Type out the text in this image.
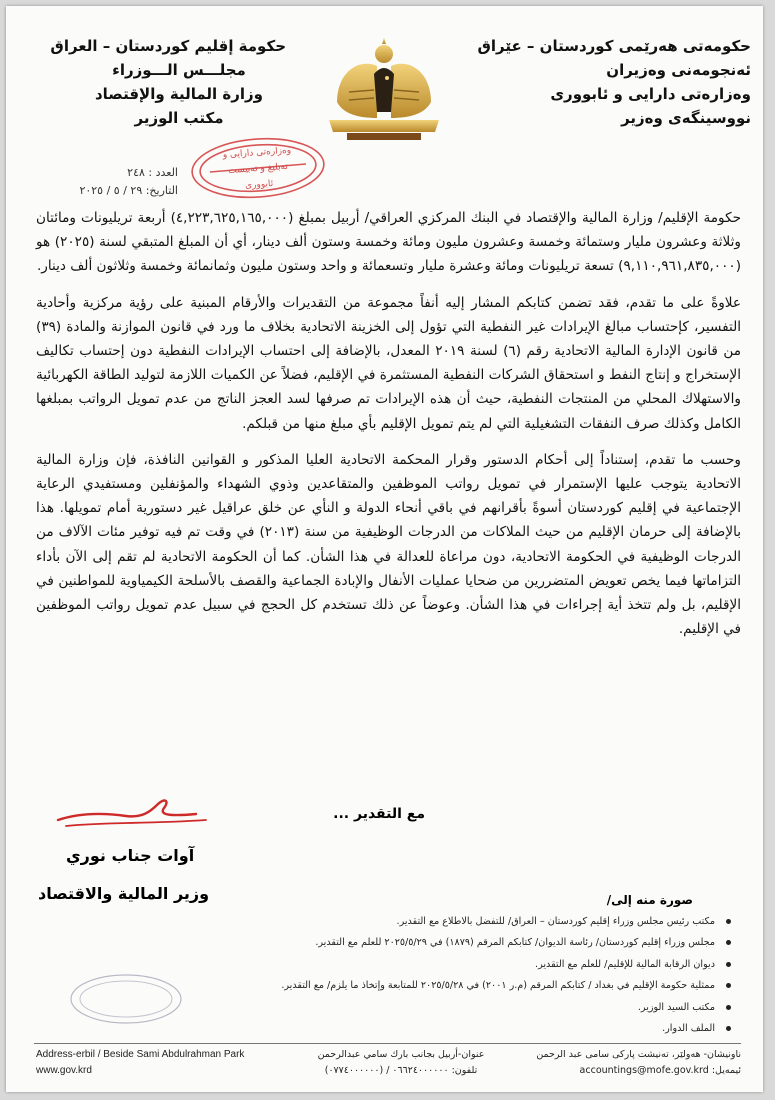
حکومەتی هەرێمی کوردستان – عێراق
ئەنجومەنی وەزیران
وەزارەتی دارایی و ئابووری
نووسینگەی وەزیر
حكومة إقليم كوردستان – العراق
مجلـــس الـــوزراء
وزارة المالية والإقتصاد
مكتب الوزير
وەزارەتی دارایی و
تەبلیغ و تەبیست
ئابووری
العدد : ٢٤٨
التاريخ: ٢٩ / ٥ / ٢٠٢٥

حكومة الإقليم/ وزارة المالية والإقتصاد في البنك المركزي العراقي/ أربيل بمبلغ (٤,٢٢٣,٦٢٥,١٦٥,٠٠٠) أربعة تريليونات ومائتان وثلاثة وعشرون مليار وستمائة وخمسة وعشرون مليون ومائة وخمسة وستون ألف دينار، أي أن المبلغ المتبقي لسنة (٢٠٢٥) هو (٩,١١٠,٩٦١,٨٣٥,٠٠٠) تسعة تريليونات ومائة وعشرة مليار وتسعمائة و واحد وستون مليون وثمانمائة وخمسة وثلاثون ألف دينار.

علاوةً على ما تقدم، فقد تضمن كتابكم المشار إليه أنفاً مجموعة من التقديرات والأرقام المبنية على رؤية مركزية وأحادية التفسير، كإحتساب مبالغ الإيرادات غير النفطية التي تؤول إلى الخزينة الاتحادية بخلاف ما ورد في قانون الموازنة والمادة (٣٩) من قانون الإدارة المالية الاتحادية رقم (٦) لسنة ٢٠١٩ المعدل، بالإضافة إلى احتساب الإيرادات النفطية دون إحتساب تكاليف الإستخراج و إنتاج النفط و استحقاق الشركات النفطية المستثمرة في الإقليم، فضلاً عن الكميات اللازمة لتوليد الطاقة الكهربائية والاستهلاك المحلي من المنتجات النفطية، حيث أن هذه الإيرادات تم صرفها لسد العجز الناتج من عدم تمويل الرواتب بمبلغها الكامل وكذلك صرف النفقات التشغيلية التي لم يتم تمويل الإقليم بأي مبلغ منها من قبلكم.

وحسب ما تقدم، إستناداً إلى أحكام الدستور وقرار المحكمة الاتحادية العليا المذكور و القوانين النافذة، فإن وزارة المالية الاتحادية يتوجب عليها الإستمرار في تمويل رواتب الموظفين والمتقاعدين وذوي الشهداء والمؤنفلين ومستفيدي الرعاية الإجتماعية في إقليم كوردستان أسوةً بأقرانهم في باقي أنحاء الدولة و النأي عن خلق عراقيل غير دستورية أمام تمويلها. هذا بالإضافة إلى حرمان الإقليم من حيث الملاكات من الدرجات الوظيفية من سنة (٢٠١٣) في وقت تم فيه توفير مئات الآلاف من الدرجات الوظيفية في الحكومة الاتحادية، دون مراعاة للعدالة في هذا الشأن. كما أن الحكومة الاتحادية لم تقم إلى الآن بأداء التزاماتها فيما يخص تعويض المتضررين من ضحايا عمليات الأنفال والإبادة الجماعية والقصف بالأسلحة الكيمياوية للمواطنين في الإقليم، بل ولم تتخذ أية إجراءات في هذا الشأن. وعوضاً عن ذلك تستخدم كل الحجج في سبيل عدم تمويل رواتب الموظفين في الإقليم.

مع التقدير ...
آوات جناب نوري
وزير المالية والاقتصاد	صورة منه إلى/
مكتب رئيس مجلس وزراء إقليم كوردستان – العراق/ للتفضل بالاطلاع مع التقدير.
مجلس وزراء إقليم كوردستان/ رئاسة الديوان/ كتابكم المرقم (١٨٧٩) في ٢٠٢٥/٥/٢٩ للعلم مع التقدير.
ديوان الرقابة المالية للإقليم/ للعلم مع التقدير.
ممثلية حكومة الإقليم في بغداد / كتابكم المرقم (م.ر ٢٠٠١) في ٢٠٢٥/٥/٢٨ للمتابعة وإتخاذ ما يلزم/ مع التقدير.
مكتب السيد الوزير.
الملف الدوار.
Address-erbil / Beside Sami Abdulrahman Park
www.gov.krd
عنوان-أربيل بجانب بارك سامي عبدالرحمن
تلفون: ٠٦٦٢٤٠٠٠٠٠٠ / (٠٧٧٤٠٠٠٠٠٠)
ناونیشان- هەولێر، تەنیشت پارکی سامی عبد الرحمن
ئیمەیل: accountings@mofe.gov.krd
